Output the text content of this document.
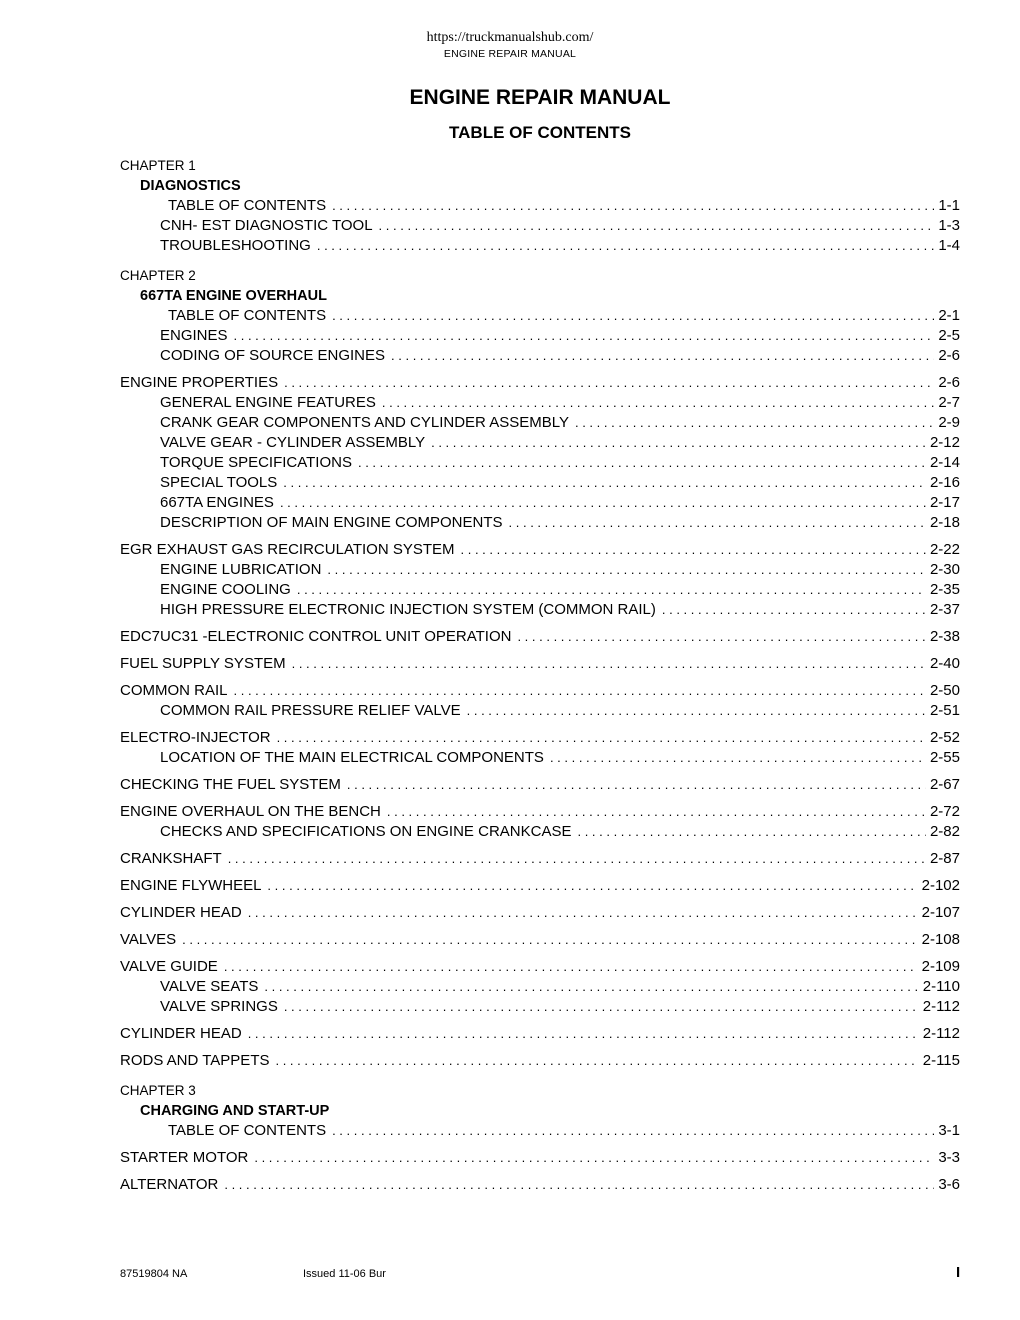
https://truckmanualshub.com/
ENGINE REPAIR MANUAL
ENGINE REPAIR MANUAL
TABLE OF CONTENTS
CHAPTER 1
DIAGNOSTICS
TABLE OF CONTENTS . . .	1-1
CNH- EST DIAGNOSTIC TOOL . . .	1-3
TROUBLESHOOTING . . .	1-4
CHAPTER 2
667TA ENGINE OVERHAUL
TABLE OF CONTENTS . . .	2-1
ENGINES . . .	2-5
CODING OF SOURCE ENGINES . . .	2-6
ENGINE PROPERTIES . . .	2-6
GENERAL ENGINE FEATURES . . .	2-7
CRANK GEAR COMPONENTS AND CYLINDER ASSEMBLY . . .	2-9
VALVE GEAR - CYLINDER ASSEMBLY . . .	2-12
TORQUE SPECIFICATIONS . . .	2-14
SPECIAL TOOLS . . .	2-16
667TA ENGINES . . .	2-17
DESCRIPTION OF MAIN ENGINE COMPONENTS . . .	2-18
EGR EXHAUST GAS RECIRCULATION SYSTEM . . .	2-22
ENGINE LUBRICATION . . .	2-30
ENGINE COOLING . . .	2-35
HIGH PRESSURE ELECTRONIC INJECTION SYSTEM (COMMON RAIL) . . .	2-37
EDC7UC31 -ELECTRONIC CONTROL UNIT OPERATION . . .	2-38
FUEL SUPPLY SYSTEM . . .	2-40
COMMON RAIL . . .	2-50
COMMON RAIL PRESSURE RELIEF VALVE . . .	2-51
ELECTRO-INJECTOR . . .	2-52
LOCATION OF THE MAIN ELECTRICAL COMPONENTS . . .	2-55
CHECKING THE FUEL SYSTEM . . .	2-67
ENGINE OVERHAUL ON THE BENCH . . .	2-72
CHECKS AND SPECIFICATIONS ON ENGINE CRANKCASE . . .	2-82
CRANKSHAFT . . .	2-87
ENGINE FLYWHEEL . . .	2-102
CYLINDER HEAD . . .	2-107
VALVES . . .	2-108
VALVE GUIDE . . .	2-109
VALVE SEATS . . .	2-110
VALVE SPRINGS . . .	2-112
CYLINDER HEAD . . .	2-112
RODS AND TAPPETS . . .	2-115
CHAPTER 3
CHARGING AND START-UP
TABLE OF CONTENTS . . .	3-1
STARTER MOTOR . . .	3-3
ALTERNATOR . . .	3-6
87519804 NA	Issued 11-06 Bur	I
